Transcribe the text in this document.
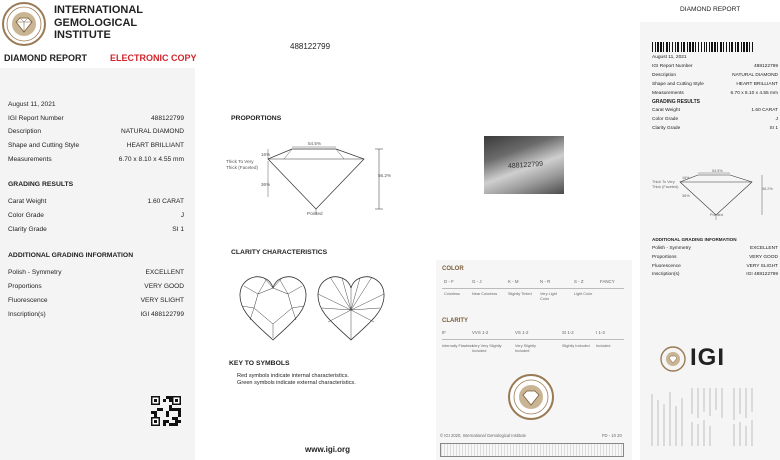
INTERNATIONAL
GEMOLOGICAL
INSTITUTE
DIAMOND REPORT	ELECTRONIC COPY
August 11, 2021
IGI Report Number	488122799
Description	NATURAL DIAMOND
Shape and Cutting Style	HEART BRILLIANT
Measurements	6.70 x 8.10 x 4.55 mm
GRADING RESULTS
Carat Weight	1.60 CARAT
Color Grade	J
Clarity Grade	SI 1
ADDITIONAL GRADING INFORMATION
Polish - Symmetry	EXCELLENT
Proportions	VERY GOOD
Fluorescence	VERY SLIGHT
Inscription(s)	IGI 488122799
488122799
PROPORTIONS
54.5%
16%
36%
56.2%
Thick To Very Thick (Faceted)
Pointed
488122799
CLARITY CHARACTERISTICS
KEY TO SYMBOLS
Red symbols indicate internal characteristics.
Green symbols indicate external characteristics.
www.igi.org
COLOR
D - F
Colorless
G - J
Near Colorless
K - M
Slightly Tinted
N - R
Very Light Color
S - Z
Light Color
FANCY
CLARITY
IF
Internally Flawless
VVS 1-2
Very Very Slightly Included
VS 1-2
Very Slightly Included
SI 1-2
Slightly Included
I 1-3
Included
© IGI 2020, International Gemological Institute	FD - 10 20
DIAMOND REPORT
August 11, 2021
IGI Report Number	488122799
Description	NATURAL DIAMOND
Shape and Cutting Style	HEART BRILLIANT
Measurements	6.70 x 8.10 x 4.55 mm
GRADING RESULTS
Carat Weight	1.60 CARAT
Color Grade	J
Clarity Grade	SI 1
54.5%
16%
36%
56.2%
Thick To Very Thick (Faceted)
Pointed
ADDITIONAL GRADING INFORMATION
Polish - Symmetry	EXCELLENT
Proportions	VERY GOOD
Fluorescence	VERY SLIGHT
Inscription(s)	IGI 488122799
IGI
